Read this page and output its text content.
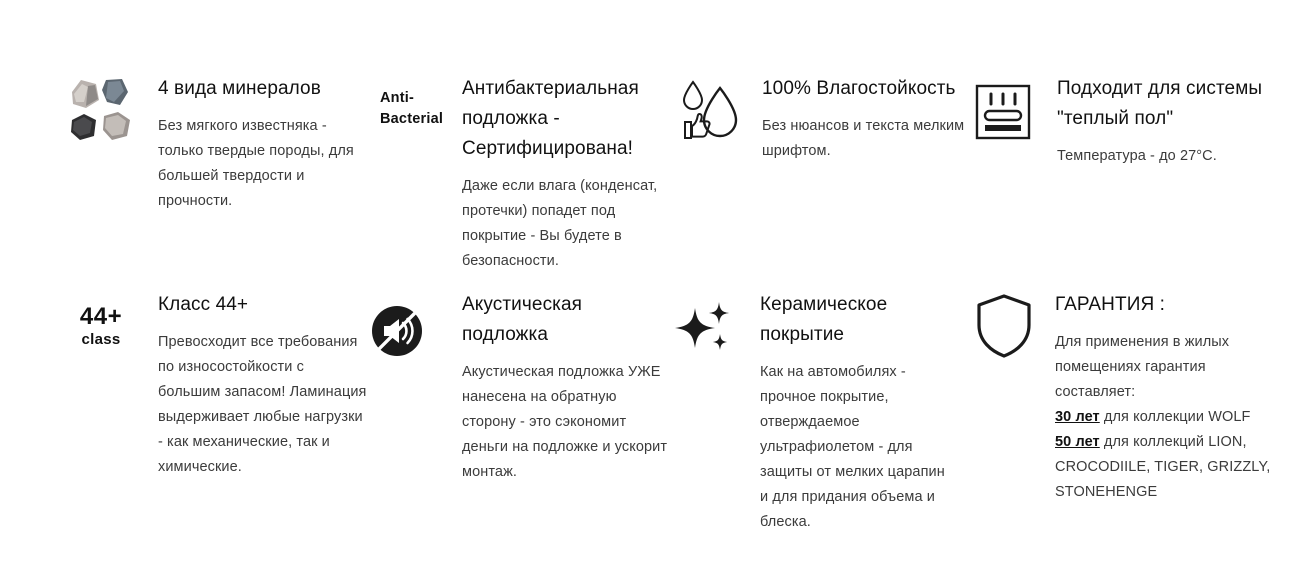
4 вида минералов

Без мягкого известняка - только твердые породы, для большей твердости и прочности.

Anti-
Bacterial
Антибактериальная подложка - Сертифицирована!

Даже если влага (конденсат, протечки) попадет под покрытие - Вы будете в безопасности.

100% Влагостойкость

Без нюансов и текста мелким шрифтом.

Подходит для системы "теплый пол"

Температура - до 27°C.

44+
class
Класс 44+

Превосходит все требования по износостойкости с большим запасом! Ламинация выдерживает любые нагрузки - как механические, так и химические.

Акустическая подложка

Акустическая подложка УЖЕ нанесена на обратную сторону - это сэкономит деньги на подложке и ускорит монтаж.

Керамическое покрытие

Как на автомобилях - прочное покрытие, отверждаемое ультрафиолетом - для защиты от мелких царапин и для придания объема и блеска.

ГАРАНТИЯ :

Для применения в жилых помещениях гарантия составляет:

30 лет для коллекции WOLF

50 лет для коллекций LION, CROCODIILE, TIGER, GRIZZLY, STONEHENGE
